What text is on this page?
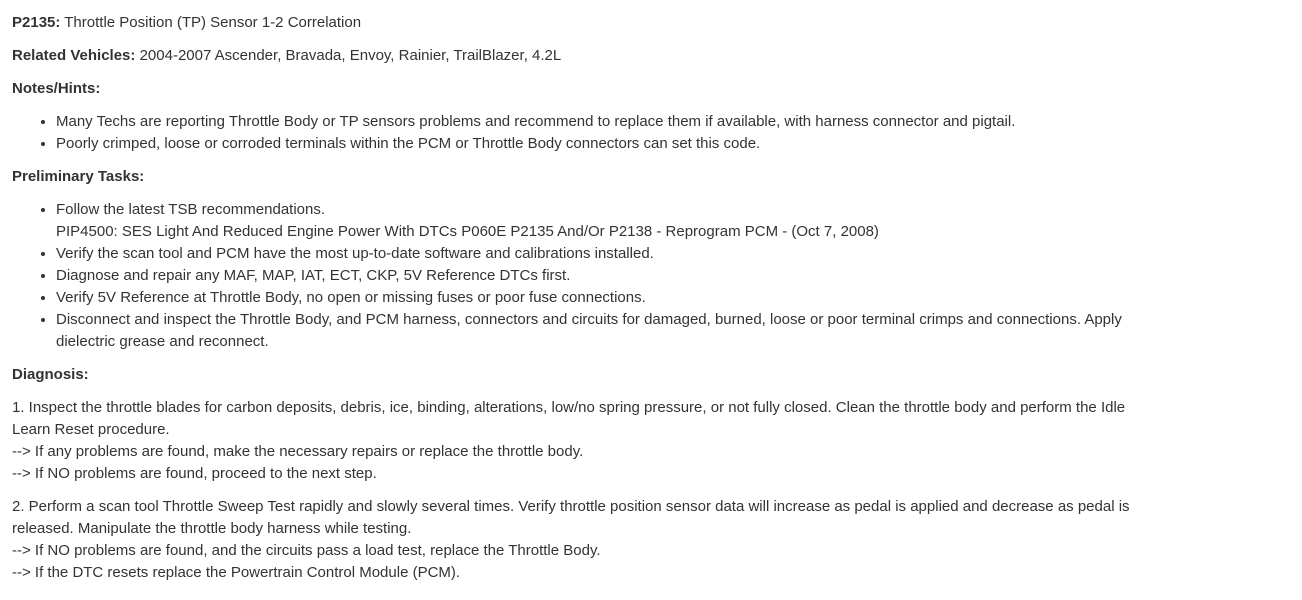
P2135: Throttle Position (TP) Sensor 1-2 Correlation

Related Vehicles: 2004-2007 Ascender, Bravada, Envoy, Rainier, TrailBlazer, 4.2L

Notes/Hints:
• Many Techs are reporting Throttle Body or TP sensors problems and recommend to replace them if available, with harness connector and pigtail.
• Poorly crimped, loose or corroded terminals within the PCM or Throttle Body connectors can set this code.
Preliminary Tasks:
• Follow the latest TSB recommendations.
PIP4500: SES Light And Reduced Engine Power With DTCs P060E P2135 And/Or P2138 - Reprogram PCM - (Oct 7, 2008)
• Verify the scan tool and PCM have the most up-to-date software and calibrations installed.
• Diagnose and repair any MAF, MAP, IAT, ECT, CKP, 5V Reference DTCs first.
• Verify 5V Reference at Throttle Body, no open or missing fuses or poor fuse connections.
• Disconnect and inspect the Throttle Body, and PCM harness, connectors and circuits for damaged, burned, loose or poor terminal crimps and connections. Apply dielectric grease and reconnect.
Diagnosis:
1. Inspect the throttle blades for carbon deposits, debris, ice, binding, alterations, low/no spring pressure, or not fully closed. Clean the throttle body and perform the Idle Learn Reset procedure.
--> If any problems are found, make the necessary repairs or replace the throttle body.
--> If NO problems are found, proceed to the next step.
2. Perform a scan tool Throttle Sweep Test rapidly and slowly several times. Verify throttle position sensor data will increase as pedal is applied and decrease as pedal is released. Manipulate the throttle body harness while testing.
--> If NO problems are found, and the circuits pass a load test, replace the Throttle Body.
--> If the DTC resets replace the Powertrain Control Module (PCM).
